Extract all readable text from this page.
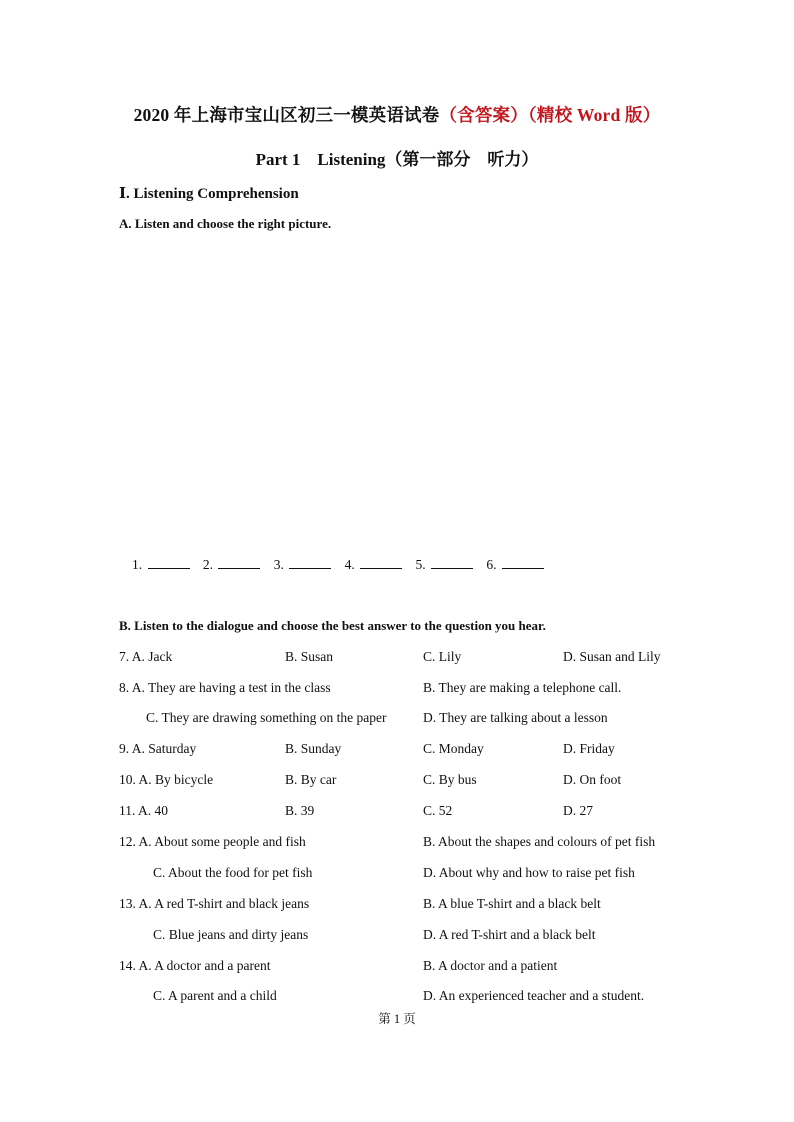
2020 年上海市宝山区初三一模英语试卷（含答案）（精校 Word 版）
Part 1　Listening（第一部分　听力）
Ⅰ. Listening Comprehension
A. Listen and choose the right picture.
1.	2.	3.	4.	5.	6.
B. Listen to the dialogue and choose the best answer to the question you hear.
7. A. Jack	B. Susan	C. Lily	D. Susan and Lily
8. A. They are having a test in the class	B. They are making a telephone call.
C. They are drawing something on the paper	D. They are talking about a lesson
9. A. Saturday	B. Sunday	C. Monday	D. Friday
10. A. By bicycle	B. By car	C. By bus	D. On foot
11. A. 40	B. 39	C. 52	D. 27
12. A. About some people and fish	B. About the shapes and colours of pet fish
C. About the food for pet fish	D. About why and how to raise pet fish
13. A. A red T-shirt and black jeans	B. A blue T-shirt and a black belt
C. Blue jeans and dirty jeans	D. A red T-shirt and a black belt
14. A. A doctor and a parent	B. A doctor and a patient
C. A parent and a child	D. An experienced teacher and a student.
第 1 页
